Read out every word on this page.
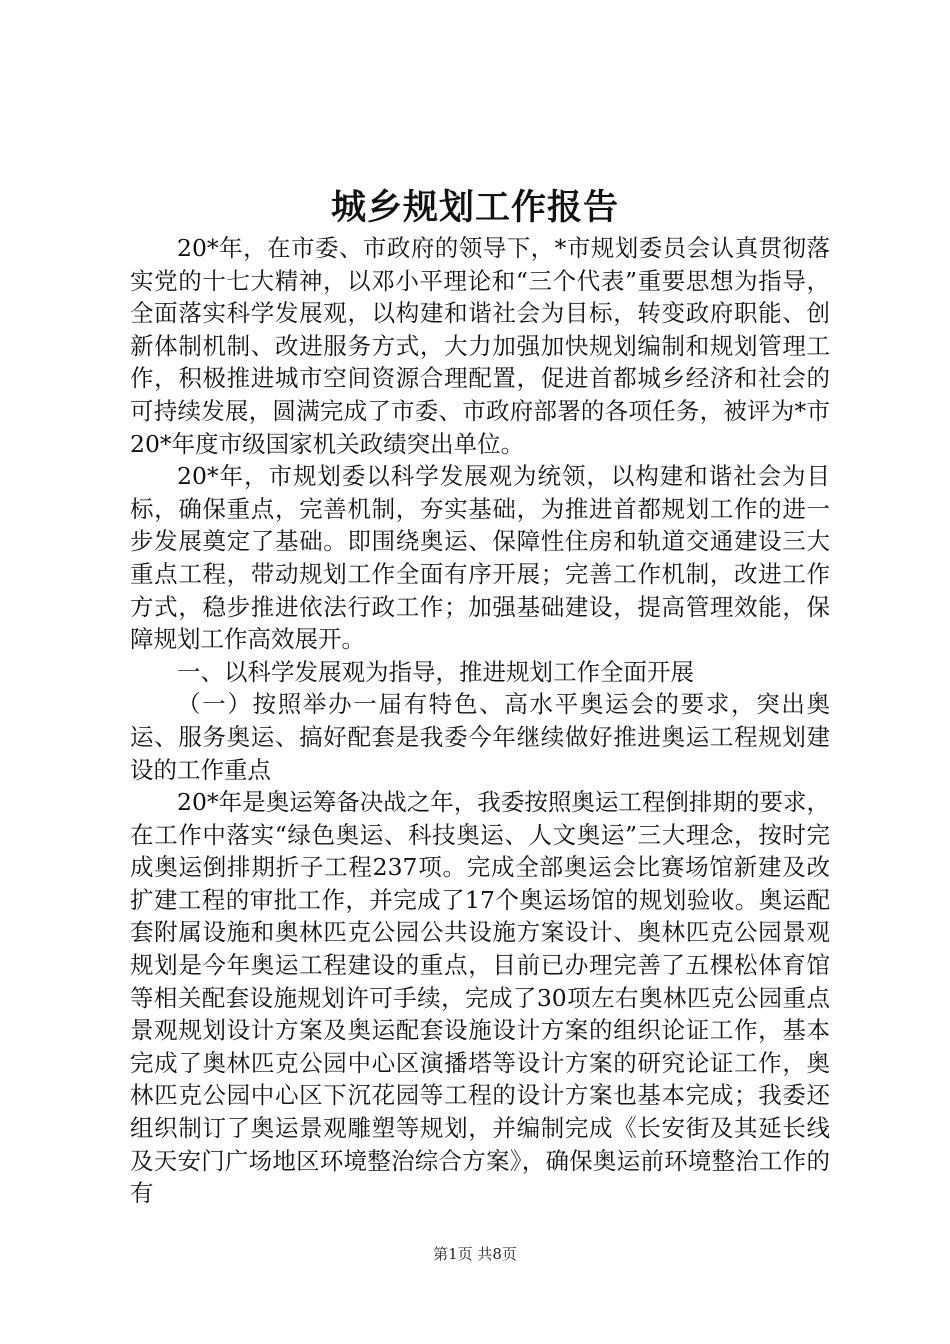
城乡规划工作报告

20*年，在市委、市政府的领导下，*市规划委员会认真贯彻落实党的十七大精神，以邓小平理论和“三个代表”重要思想为指导，全面落实科学发展观，以构建和谐社会为目标，转变政府职能、创新体制机制、改进服务方式，大力加强加快规划编制和规划管理工作，积极推进城市空间资源合理配置，促进首都城乡经济和社会的可持续发展，圆满完成了市委、市政府部署的各项任务，被评为*市20*年度市级国家机关政绩突出单位。

20*年，市规划委以科学发展观为统领，以构建和谐社会为目标，确保重点，完善机制，夯实基础，为推进首都规划工作的进一步发展奠定了基础。即围绕奥运、保障性住房和轨道交通建设三大重点工程，带动规划工作全面有序开展；完善工作机制，改进工作方式，稳步推进依法行政工作；加强基础建设，提高管理效能，保障规划工作高效展开。

一、以科学发展观为指导，推进规划工作全面开展

（一）按照举办一届有特色、高水平奥运会的要求，突出奥运、服务奥运、搞好配套是我委今年继续做好推进奥运工程规划建设的工作重点

20*年是奥运筹备决战之年，我委按照奥运工程倒排期的要求，在工作中落实“绿色奥运、科技奥运、人文奥运”三大理念，按时完成奥运倒排期折子工程237项。完成全部奥运会比赛场馆新建及改扩建工程的审批工作，并完成了17个奥运场馆的规划验收。奥运配套附属设施和奥林匹克公园公共设施方案设计、奥林匹克公园景观规划是今年奥运工程建设的重点，目前已办理完善了五棵松体育馆等相关配套设施规划许可手续，完成了30项左右奥林匹克公园重点景观规划设计方案及奥运配套设施设计方案的组织论证工作，基本完成了奥林匹克公园中心区演播塔等设计方案的研究论证工作，奥林匹克公园中心区下沉花园等工程的设计方案也基本完成；我委还组织制订了奥运景观雕塑等规划，并编制完成《长安街及其延长线及天安门广场地区环境整治综合方案》，确保奥运前环境整治工作的有

第1页 共8页
